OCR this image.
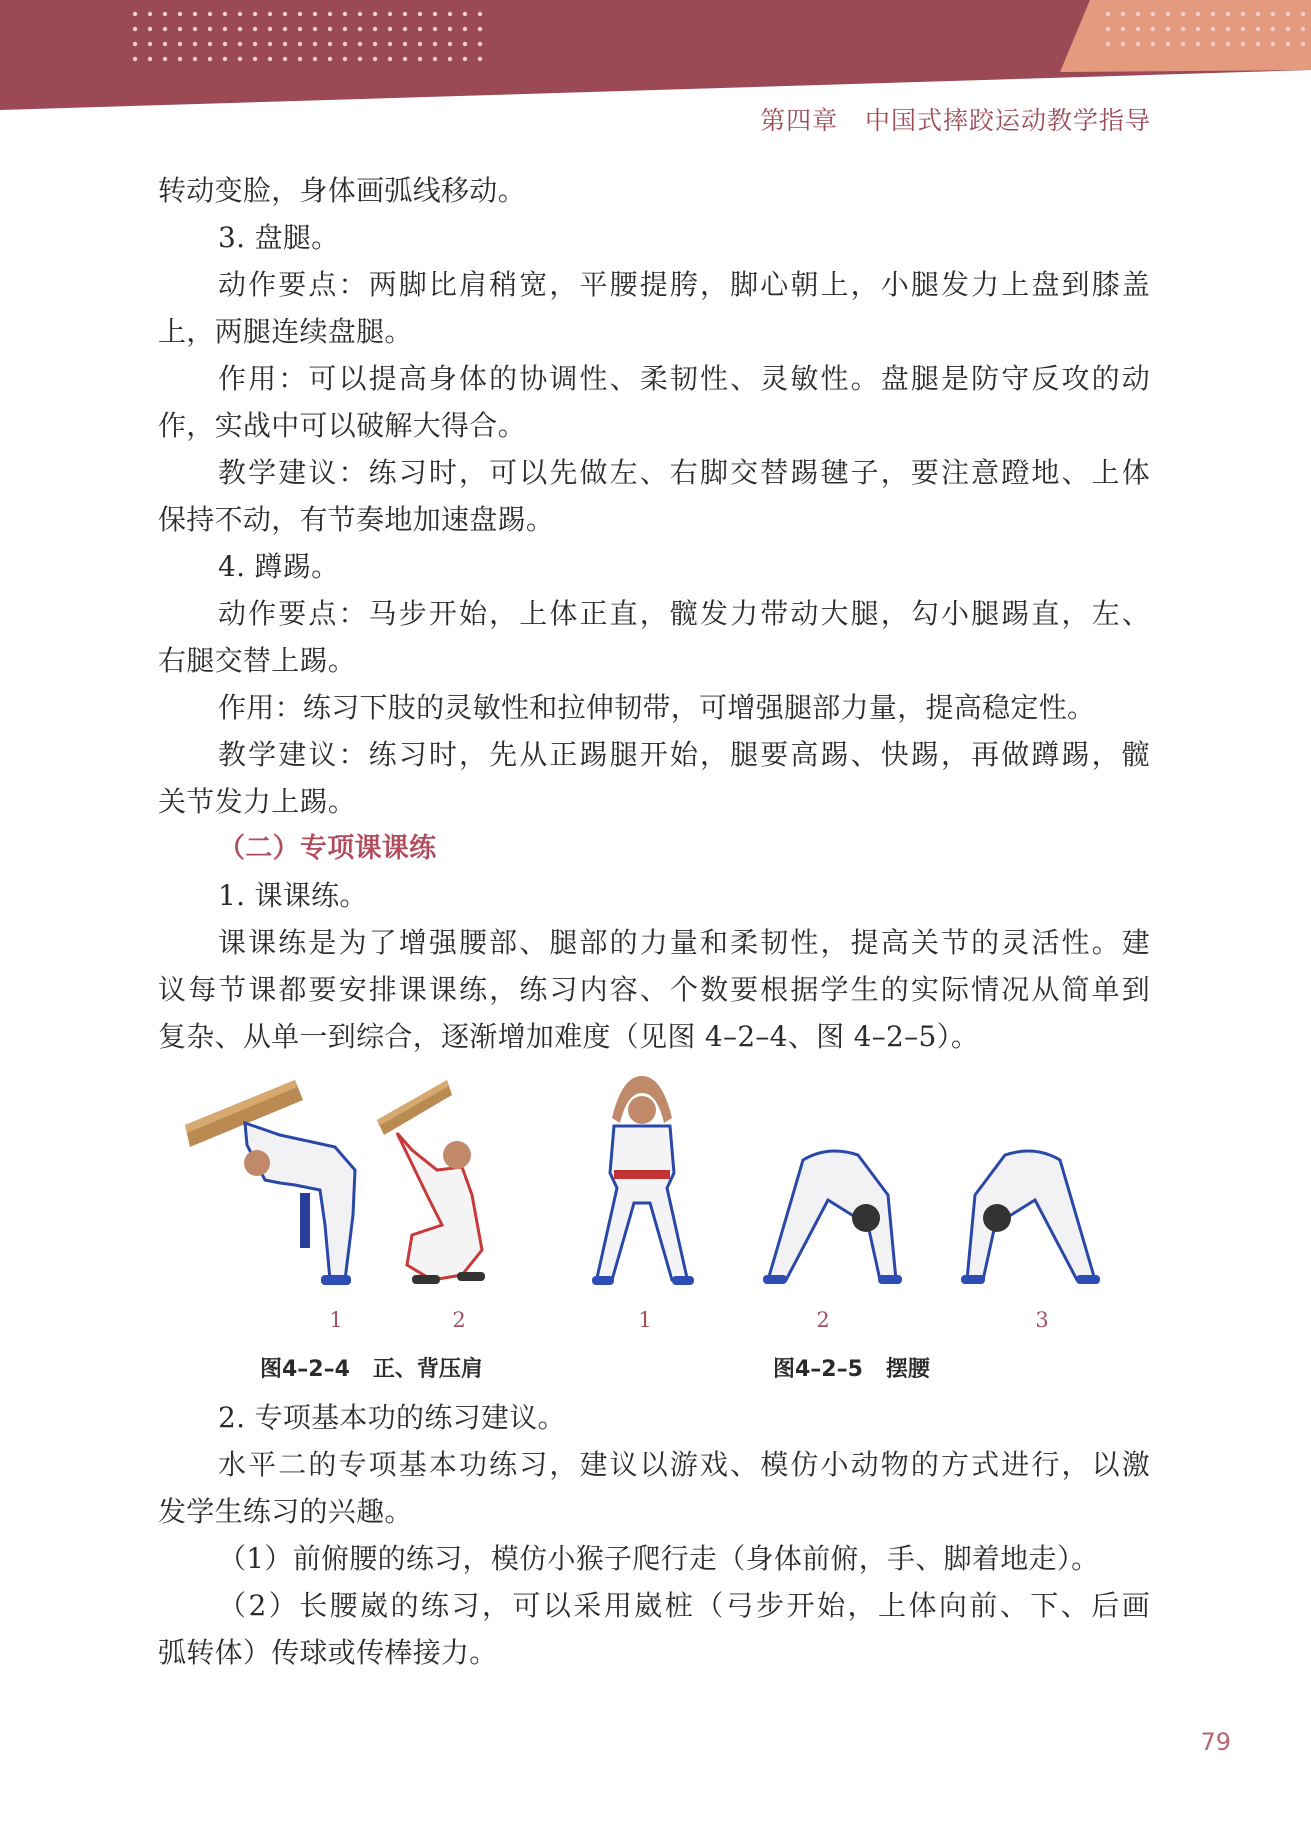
第四章   中国式摔跤运动教学指导
转动变脸，身体画弧线移动。
3. 盘腿。
动作要点：两脚比肩稍宽，平腰提胯，脚心朝上，小腿发力上盘到膝盖
上，两腿连续盘腿。
作用：可以提高身体的协调性、柔韧性、灵敏性。盘腿是防守反攻的动
作，实战中可以破解大得合。
教学建议：练习时，可以先做左、右脚交替踢毽子，要注意蹬地、上体
保持不动，有节奏地加速盘踢。
4. 蹲踢。
动作要点：马步开始，上体正直，髋发力带动大腿，勾小腿踢直，左、
右腿交替上踢。
作用：练习下肢的灵敏性和拉伸韧带，可增强腿部力量，提高稳定性。
教学建议：练习时，先从正踢腿开始，腿要高踢、快踢，再做蹲踢，髋
关节发力上踢。
（二）专项课课练
1. 课课练。
课课练是为了增强腰部、腿部的力量和柔韧性，提高关节的灵活性。建
议每节课都要安排课课练，练习内容、个数要根据学生的实际情况从简单到
复杂、从单一到综合，逐渐增加难度（见图 4–2–4、图 4–2–5）。
1	2	1	2	3
图4–2–4   正、背压肩	图4–2–5   摆腰
2. 专项基本功的练习建议。
水平二的专项基本功练习，建议以游戏、模仿小动物的方式进行，以激
发学生练习的兴趣。
（1）前俯腰的练习，模仿小猴子爬行走（身体前俯，手、脚着地走）。
（2）长腰崴的练习，可以采用崴桩（弓步开始，上体向前、下、后画
弧转体）传球或传棒接力。
79
